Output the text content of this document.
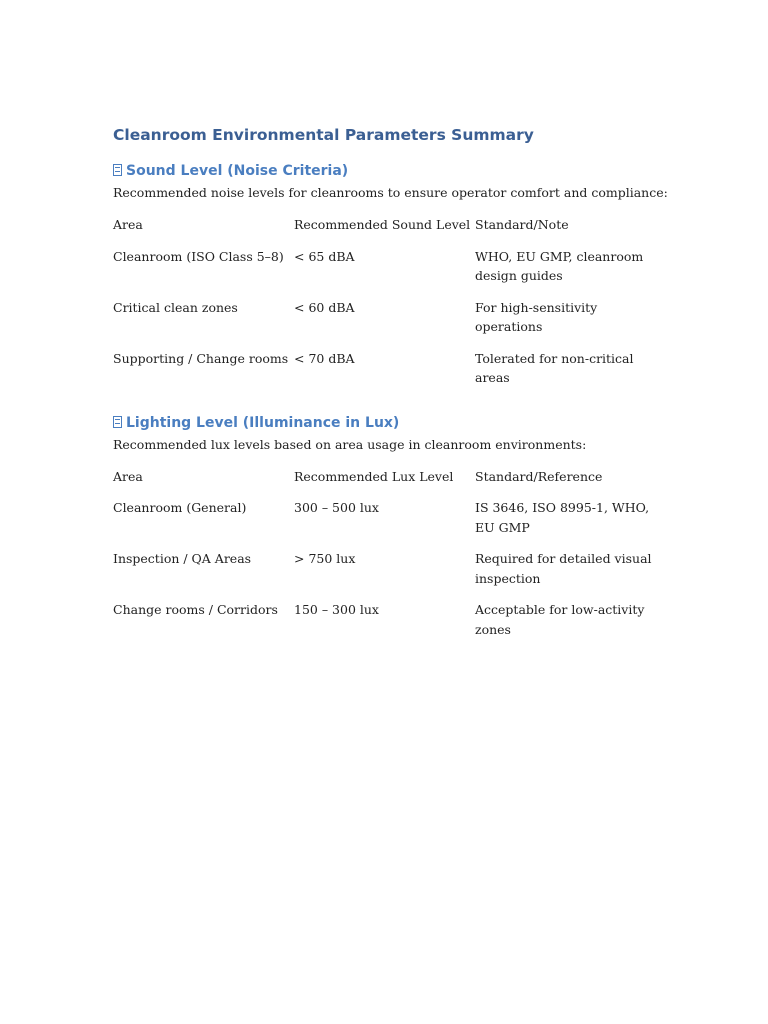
Cleanroom Environmental Parameters Summary
Sound Level (Noise Criteria)

Recommended noise levels for cleanrooms to ensure operator comfort and compliance:

Area	Recommended Sound Level	Standard/Note
Cleanroom (ISO Class 5–8)	< 65 dBA	WHO, EU GMP, cleanroom design guides
Critical clean zones	< 60 dBA	For high-sensitivity operations
Supporting / Change rooms	< 70 dBA	Tolerated for non-critical areas
Lighting Level (Illuminance in Lux)

Recommended lux levels based on area usage in cleanroom environments:

Area	Recommended Lux Level	Standard/Reference
Cleanroom (General)	300 – 500 lux	IS 3646, ISO 8995-1, WHO, EU GMP
Inspection / QA Areas	> 750 lux	Required for detailed visual inspection
Change rooms / Corridors	150 – 300 lux	Acceptable for low-activity zones
